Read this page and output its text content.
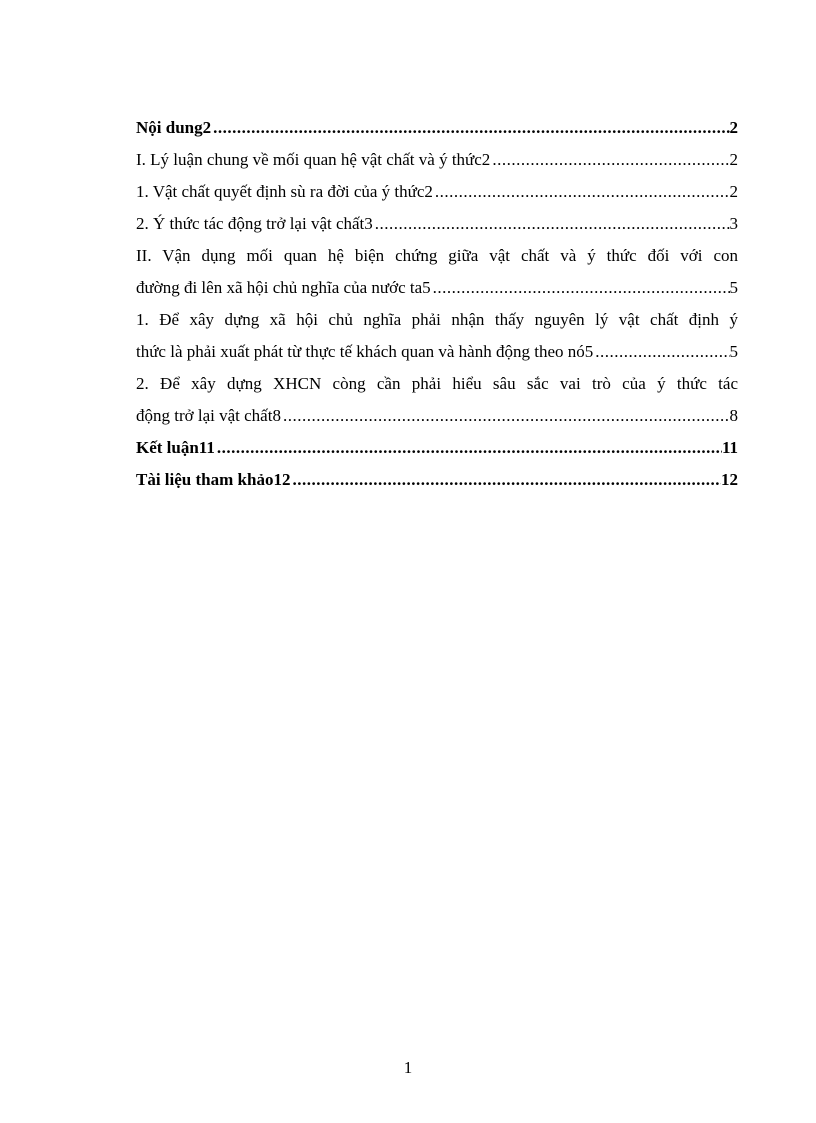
Nội dung2 .....	2
I. Lý luận chung về mối quan hệ vật chất và ý thức2 .....	2
1. Vật chất quyết định sù ra đời của ý thức2 .....	2
2. Ý thức tác động trở lại vật chất3 .....	3
II. Vận dụng mối quan hệ biện chứng giữa vật chất và ý thức đối với con
đường đi lên xã hội chủ nghĩa của nước ta5 .....	5
1. Để xây dựng xã hội chủ nghĩa phải nhận thấy nguyên lý vật chất định ý
thức là phải xuất phát từ thực tế khách quan và hành động theo nó5 .....	5
2. Để xây dựng XHCN còng cần phải hiểu sâu sắc vai trò của ý thức tác
động trở lại vật chất8 .....	8
Kết luận11 .....	11
Tài liệu tham khảo12 .....	12
1
